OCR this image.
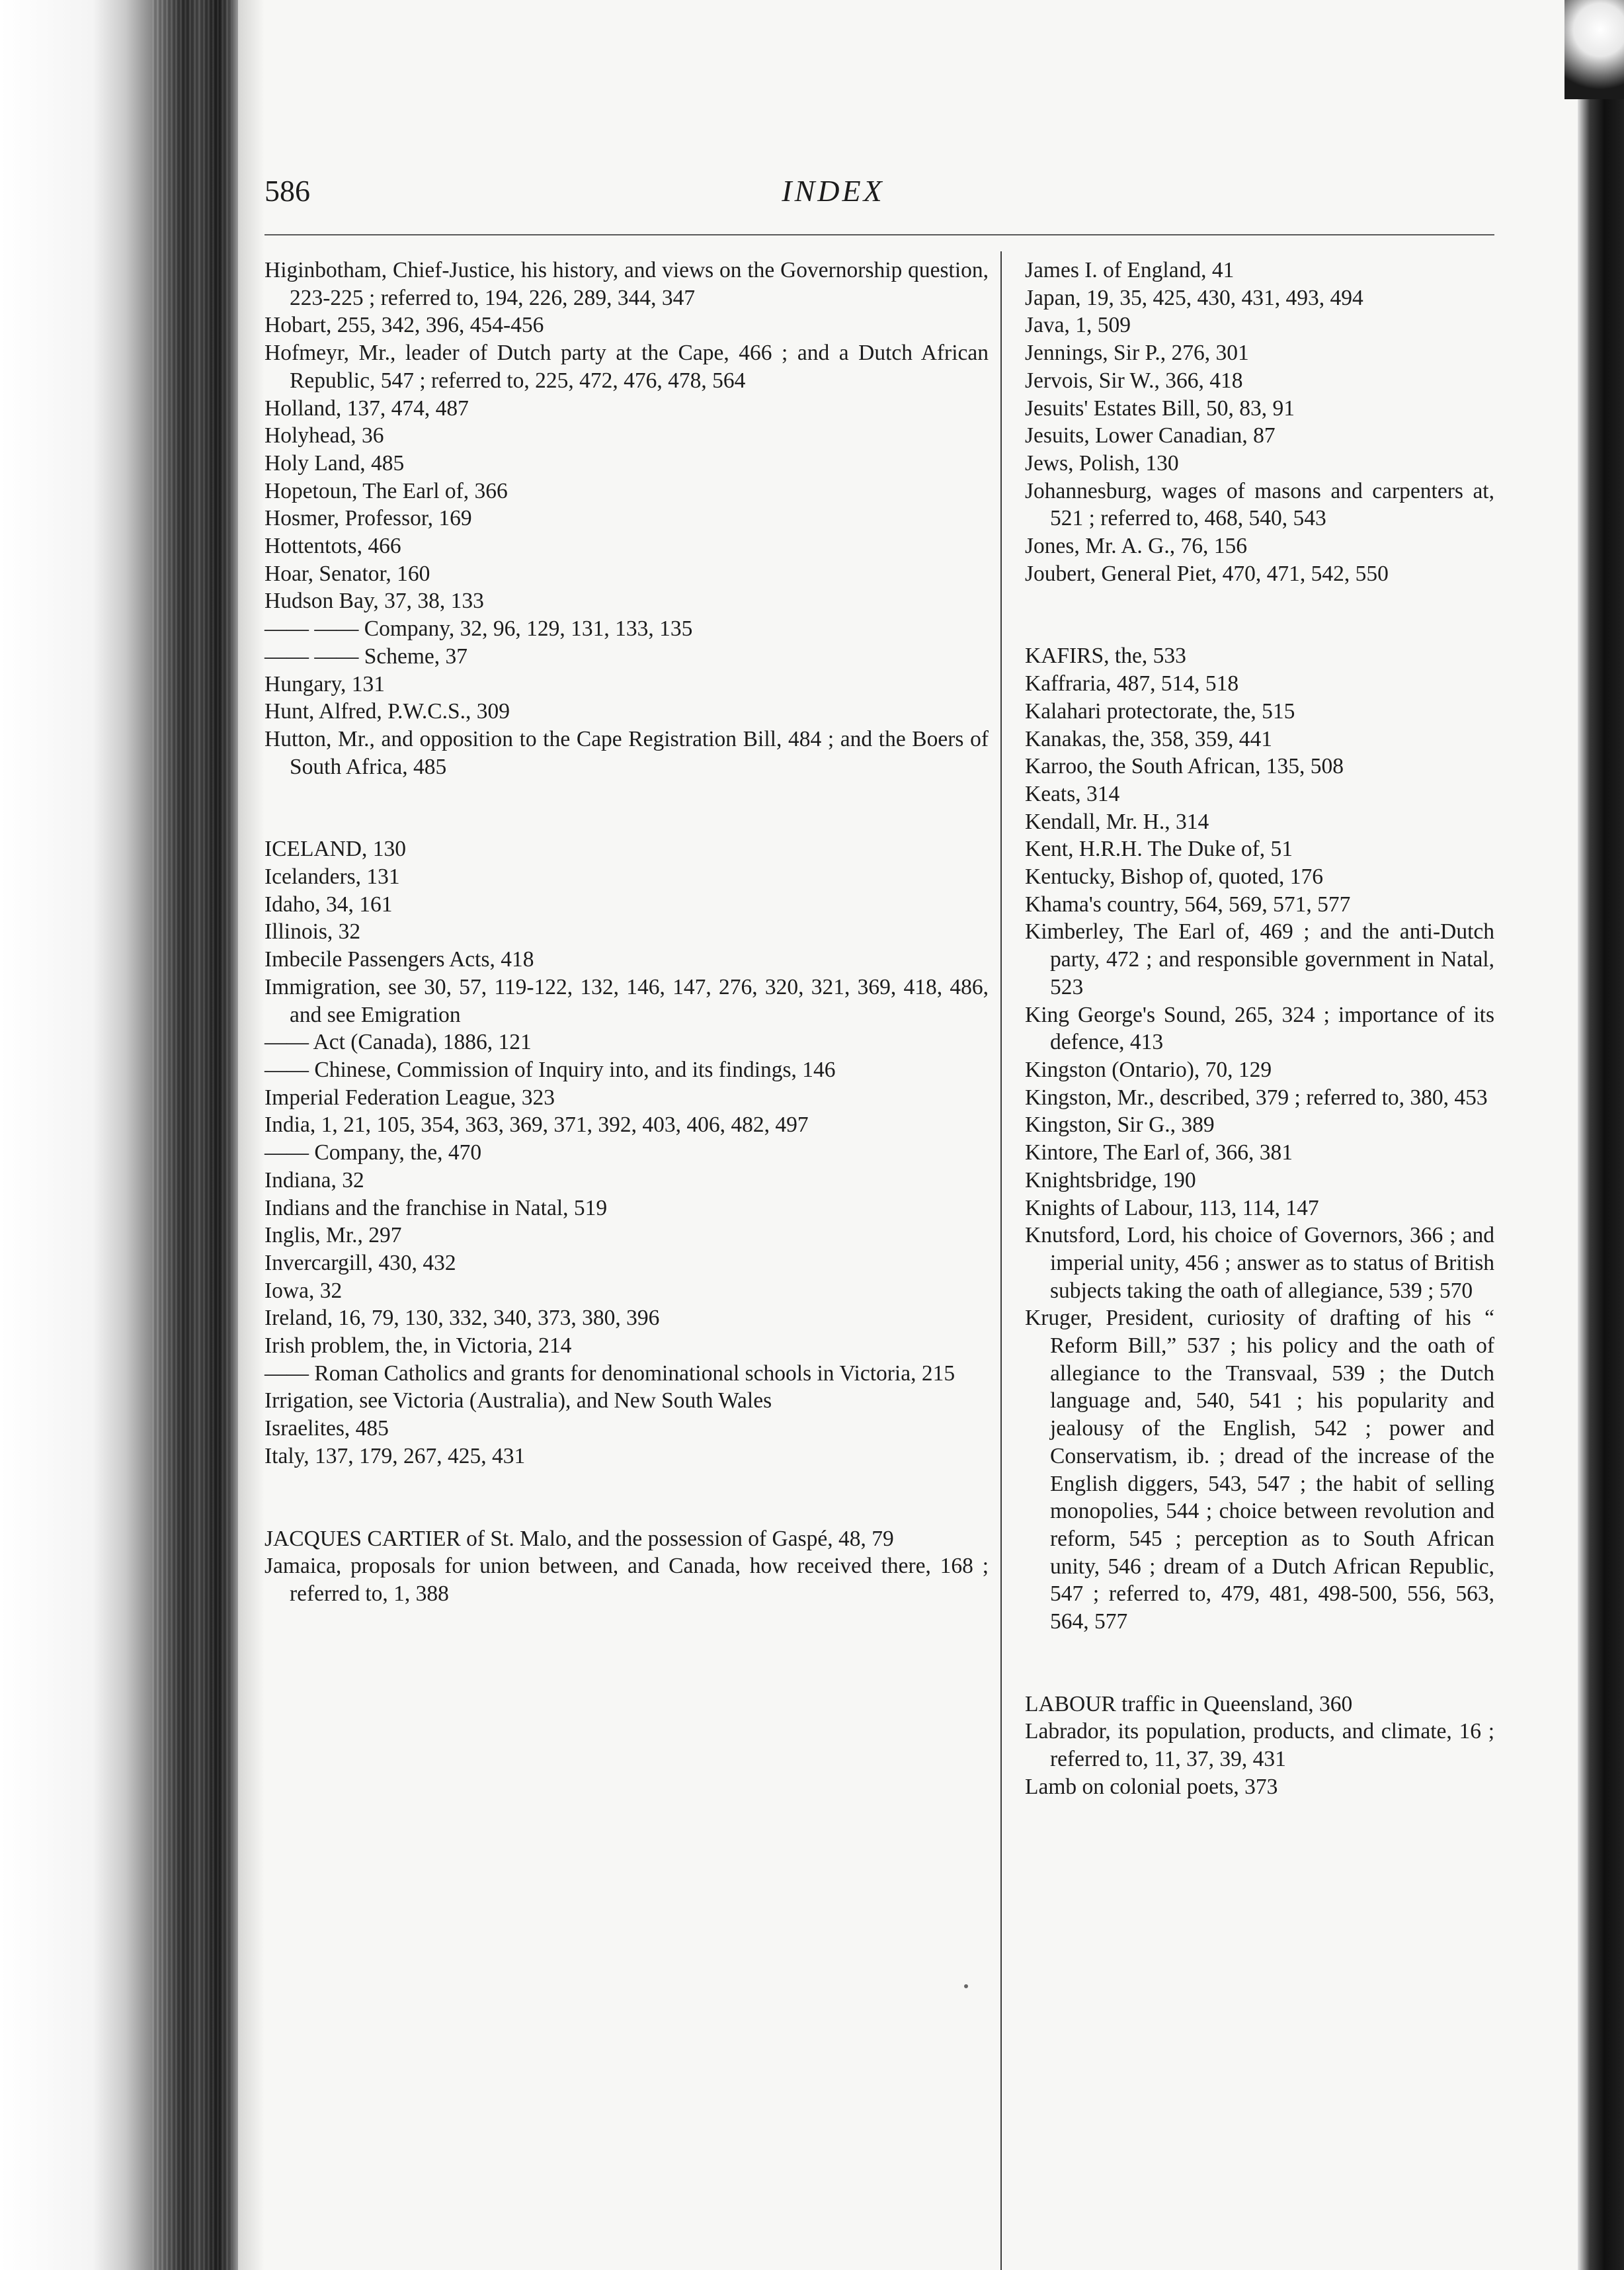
586	INDEX

Higinbotham, Chief-Justice, his history, and views on the Governorship question, 223-225 ; referred to, 194, 226, 289, 344, 347

Hobart, 255, 342, 396, 454-456

Hofmeyr, Mr., leader of Dutch party at the Cape, 466 ; and a Dutch African Republic, 547 ; referred to, 225, 472, 476, 478, 564

Holland, 137, 474, 487

Holyhead, 36

Holy Land, 485

Hopetoun, The Earl of, 366

Hosmer, Professor, 169

Hottentots, 466

Hoar, Senator, 160

Hudson Bay, 37, 38, 133

—— —— Company, 32, 96, 129, 131, 133, 135

—— —— Scheme, 37

Hungary, 131

Hunt, Alfred, P.W.C.S., 309

Hutton, Mr., and opposition to the Cape Registration Bill, 484 ; and the Boers of South Africa, 485

ICELAND, 130

Icelanders, 131

Idaho, 34, 161

Illinois, 32

Imbecile Passengers Acts, 418

Immigration, see 30, 57, 119-122, 132, 146, 147, 276, 320, 321, 369, 418, 486, and see Emigration

—— Act (Canada), 1886, 121

—— Chinese, Commission of Inquiry into, and its findings, 146

Imperial Federation League, 323

India, 1, 21, 105, 354, 363, 369, 371, 392, 403, 406, 482, 497

—— Company, the, 470

Indiana, 32

Indians and the franchise in Natal, 519

Inglis, Mr., 297

Invercargill, 430, 432

Iowa, 32

Ireland, 16, 79, 130, 332, 340, 373, 380, 396

Irish problem, the, in Victoria, 214

—— Roman Catholics and grants for denominational schools in Victoria, 215

Irrigation, see Victoria (Australia), and New South Wales

Israelites, 485

Italy, 137, 179, 267, 425, 431

JACQUES CARTIER of St. Malo, and the possession of Gaspé, 48, 79

Jamaica, proposals for union between, and Canada, how received there, 168 ; referred to, 1, 388

James I. of England, 41

Japan, 19, 35, 425, 430, 431, 493, 494

Java, 1, 509

Jennings, Sir P., 276, 301

Jervois, Sir W., 366, 418

Jesuits' Estates Bill, 50, 83, 91

Jesuits, Lower Canadian, 87

Jews, Polish, 130

Johannesburg, wages of masons and carpenters at, 521 ; referred to, 468, 540, 543

Jones, Mr. A. G., 76, 156

Joubert, General Piet, 470, 471, 542, 550

KAFIRS, the, 533

Kaffraria, 487, 514, 518

Kalahari protectorate, the, 515

Kanakas, the, 358, 359, 441

Karroo, the South African, 135, 508

Keats, 314

Kendall, Mr. H., 314

Kent, H.R.H. The Duke of, 51

Kentucky, Bishop of, quoted, 176

Khama's country, 564, 569, 571, 577

Kimberley, The Earl of, 469 ; and the anti-Dutch party, 472 ; and responsible government in Natal, 523

King George's Sound, 265, 324 ; importance of its defence, 413

Kingston (Ontario), 70, 129

Kingston, Mr., described, 379 ; referred to, 380, 453

Kingston, Sir G., 389

Kintore, The Earl of, 366, 381

Knightsbridge, 190

Knights of Labour, 113, 114, 147

Knutsford, Lord, his choice of Governors, 366 ; and imperial unity, 456 ; answer as to status of British subjects taking the oath of allegiance, 539 ; 570

Kruger, President, curiosity of drafting of his “ Reform Bill,” 537 ; his policy and the oath of allegiance to the Transvaal, 539 ; the Dutch language and, 540, 541 ; his popularity and jealousy of the English, 542 ; power and Conservatism, ib. ; dread of the increase of the English diggers, 543, 547 ; the habit of selling monopolies, 544 ; choice between revolution and reform, 545 ; perception as to South African unity, 546 ; dream of a Dutch African Republic, 547 ; referred to, 479, 481, 498-500, 556, 563, 564, 577

LABOUR traffic in Queensland, 360

Labrador, its population, products, and climate, 16 ; referred to, 11, 37, 39, 431

Lamb on colonial poets, 373
